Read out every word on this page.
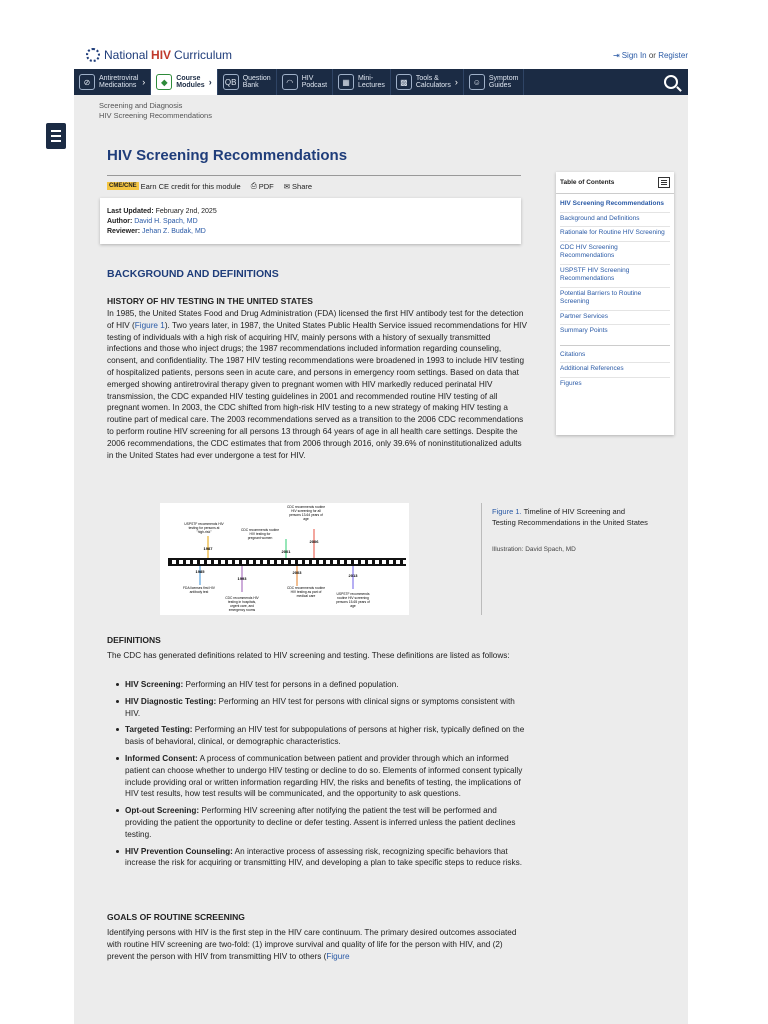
National HIV Curriculum	⇥ Sign In or Register
⊘	Antiretroviral
Medications ›	◆	Course
Modules › QB Question
Bank	◠	HIV
Podcast	▦	Mini-
Lectures	▩	Tools &
Calculators ›	☺	Symptom
Guides
Screening and Diagnosis
HIV Screening Recommendations
HIV Screening Recommendations
CME/CNE Earn CE credit for this module ⎙ PDF ✉ Share
Last Updated: February 2nd, 2025
Author: David H. Spach, MD
Reviewer: Jehan Z. Budak, MD
BACKGROUND AND DEFINITIONS
HISTORY OF HIV TESTING IN THE UNITED STATES
In 1985, the United States Food and Drug Administration (FDA) licensed the first HIV antibody test for the detection of HIV (Figure 1). Two years later, in 1987, the United States Public Health Service issued recommendations for HIV testing of individuals with a high risk of acquiring HIV, mainly persons with a history of sexually transmitted infections and those who inject drugs; the 1987 recommendations included information regarding counseling, consent, and confidentiality. The 1987 HIV testing recommendations were broadened in 1993 to include HIV testing of hospitalized patients, persons seen in acute care, and persons in emergency room settings. Based on data that emerged showing antiretroviral therapy given to pregnant women with HIV markedly reduced perinatal HIV transmission, the CDC expanded HIV testing guidelines in 2001 and recommended routine HIV testing of all pregnant women. In 2003, the CDC shifted from high-risk HIV testing to a new strategy of making HIV testing a routine part of medical care. The 2003 recommendations served as a transition to the 2006 CDC recommendations to perform routine HIV screening for all persons 13 through 64 years of age in all health care settings. Despite the 2006 recommendations, the CDC estimates that from 2006 through 2016, only 39.6% of noninstitutionalized adults in the United States had ever undergone a test for HIV.
1985
1987
1993
2001
2003
2006
2013
USPSTF recommends HIV testing for persons at "high-risk"	CDC recommends routine HIV testing for pregnant women
CDC recommends routine HIV screening for all persons 13-64 years of age
FDA licenses first HIV antibody test
CDC recommends HIV testing in hospitals, urgent care, and emergency rooms
CDC recommends routine HIV testing as part of medical care	USPSTF recommends routine HIV screening persons 15-65 years of age
Figure 1. Timeline of HIV Screening and Testing Recommendations in the United States
Illustration: David Spach, MD
DEFINITIONS
The CDC has generated definitions related to HIV screening and testing. These definitions are listed as follows:
HIV Screening: Performing an HIV test for persons in a defined population.
HIV Diagnostic Testing: Performing an HIV test for persons with clinical signs or symptoms consistent with HIV.
Targeted Testing: Performing an HIV test for subpopulations of persons at higher risk, typically defined on the basis of behavioral, clinical, or demographic characteristics.
Informed Consent: A process of communication between patient and provider through which an informed patient can choose whether to undergo HIV testing or decline to do so. Elements of informed consent typically include providing oral or written information regarding HIV, the risks and benefits of testing, the implications of HIV test results, how test results will be communicated, and the opportunity to ask questions.
Opt-out Screening: Performing HIV screening after notifying the patient the test will be performed and providing the patient the opportunity to decline or defer testing. Assent is inferred unless the patient declines testing.
HIV Prevention Counseling: An interactive process of assessing risk, recognizing specific behaviors that increase the risk for acquiring or transmitting HIV, and developing a plan to take specific steps to reduce risks.
GOALS OF ROUTINE SCREENING
Identifying persons with HIV is the first step in the HIV care continuum. The primary desired outcomes associated with routine HIV screening are two-fold: (1) improve survival and quality of life for the person with HIV, and (2) prevent the person with HIV from transmitting HIV to others (Figure
Table of Contents
HIV Screening Recommendations
Background and Definitions
Rationale for Routine HIV Screening
CDC HIV Screening Recommendations
USPSTF HIV Screening Recommendations
Potential Barriers to Routine Screening
Partner Services
Summary Points
Citations
Additional References
Figures
